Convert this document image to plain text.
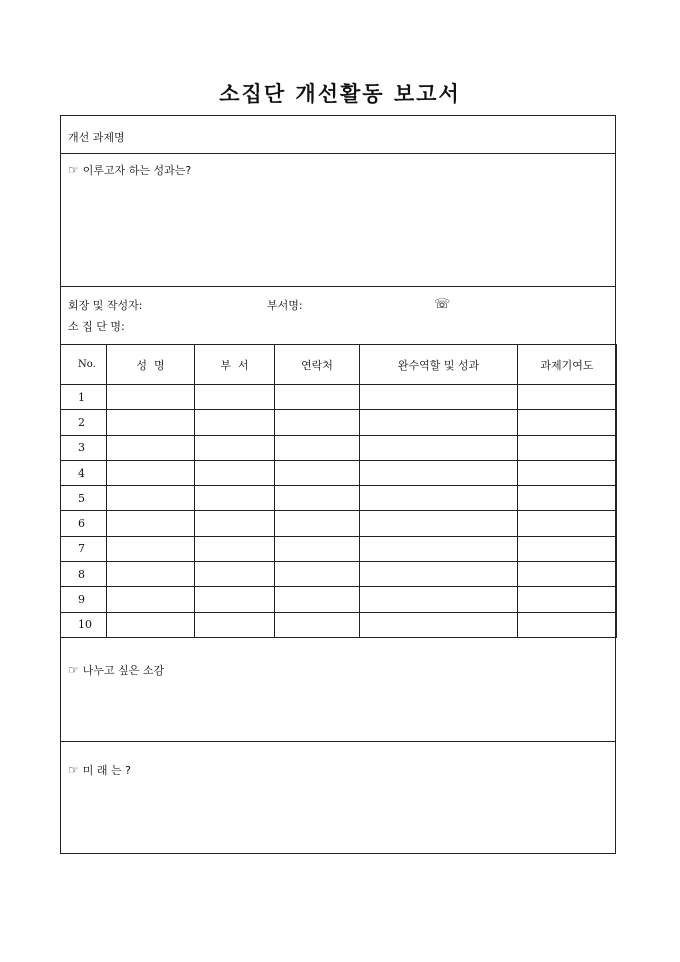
소집단 개선활동 보고서
개선 과제명
☞ 이루고자 하는 성과는?
회장 및 작성자:	부서명:	☏
소 집 단 명:
No.	성  명	부  서	연락처	완수역할 및 성과	과제기여도
1					
2					
3					
4					
5					
6					
7					
8					
9					
10					
☞ 나누고 싶은 소감
☞ 미 래 는 ?
